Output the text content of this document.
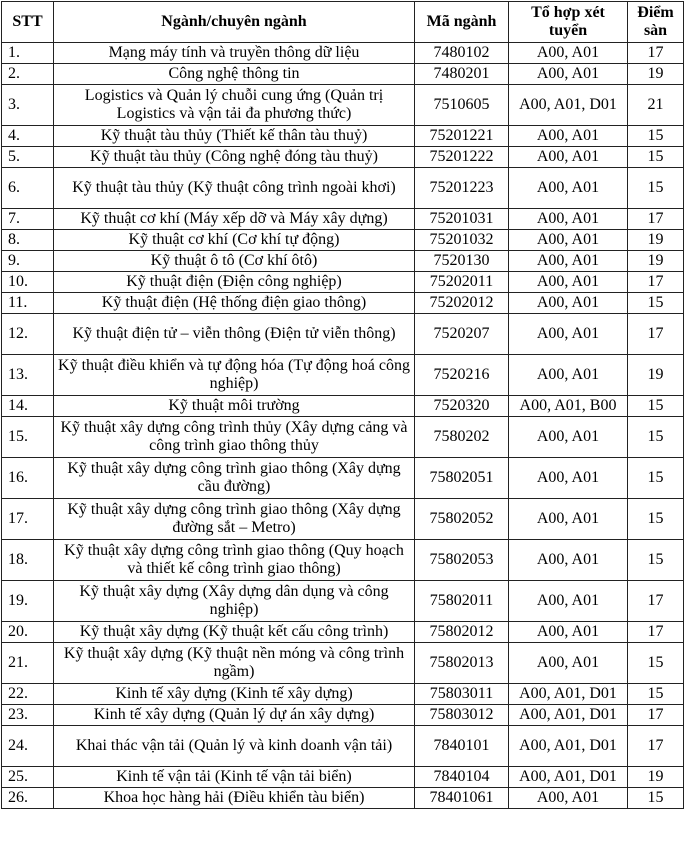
STT	Ngành/chuyên ngành	Mã ngành	Tổ hợp xét tuyển	Điểm sàn
1.	Mạng máy tính và truyền thông dữ liệu	7480102	A00, A01	17
2.	Công nghệ thông tin	7480201	A00, A01	19
3.	Logistics và Quản lý chuỗi cung ứng (Quản trị Logistics và vận tải đa phương thức)	7510605	A00, A01, D01	21
4.	Kỹ thuật tàu thủy (Thiết kế thân tàu thuỷ)	75201221	A00, A01	15
5.	Kỹ thuật tàu thủy (Công nghệ đóng tàu thuỷ)	75201222	A00, A01	15
6.	Kỹ thuật tàu thủy (Kỹ thuật công trình ngoài khơi)	75201223	A00, A01	15
7.	Kỹ thuật cơ khí (Máy xếp dỡ và Máy xây dựng)	75201031	A00, A01	17
8.	Kỹ thuật cơ khí (Cơ khí tự động)	75201032	A00, A01	19
9.	Kỹ thuật ô tô (Cơ khí ôtô)	7520130	A00, A01	19
10.	Kỹ thuật điện (Điện công nghiệp)	75202011	A00, A01	17
11.	Kỹ thuật điện (Hệ thống điện giao thông)	75202012	A00, A01	15
12.	Kỹ thuật điện tử – viễn thông (Điện tử viễn thông)	7520207	A00, A01	17
13.	Kỹ thuật điều khiển và tự động hóa (Tự động hoá công nghiệp)	7520216	A00, A01	19
14.	Kỹ thuật môi trường	7520320	A00, A01, B00	15
15.	Kỹ thuật xây dựng công trình thủy (Xây dựng cảng và công trình giao thông thủy	7580202	A00, A01	15
16.	Kỹ thuật xây dựng công trình giao thông (Xây dựng cầu đường)	75802051	A00, A01	15
17.	Kỹ thuật xây dựng công trình giao thông (Xây dựng đường sắt – Metro)	75802052	A00, A01	15
18.	Kỹ thuật xây dựng công trình giao thông (Quy hoạch và thiết kế công trình giao thông)	75802053	A00, A01	15
19.	Kỹ thuật xây dựng (Xây dựng dân dụng và công nghiệp)	75802011	A00, A01	17
20.	Kỹ thuật xây dựng (Kỹ thuật kết cấu công trình)	75802012	A00, A01	17
21.	Kỹ thuật xây dựng (Kỹ thuật nền móng và công trình ngầm)	75802013	A00, A01	15
22.	Kinh tế xây dựng (Kinh tế xây dựng)	75803011	A00, A01, D01	15
23.	Kinh tế xây dựng (Quản lý dự án xây dựng)	75803012	A00, A01, D01	17
24.	Khai thác vận tải (Quản lý và kinh doanh vận tải)	7840101	A00, A01, D01	17
25.	Kinh tế vận tải (Kinh tế vận tải biển)	7840104	A00, A01, D01	19
26.	Khoa học hàng hải (Điều khiển tàu biển)	78401061	A00, A01	15
